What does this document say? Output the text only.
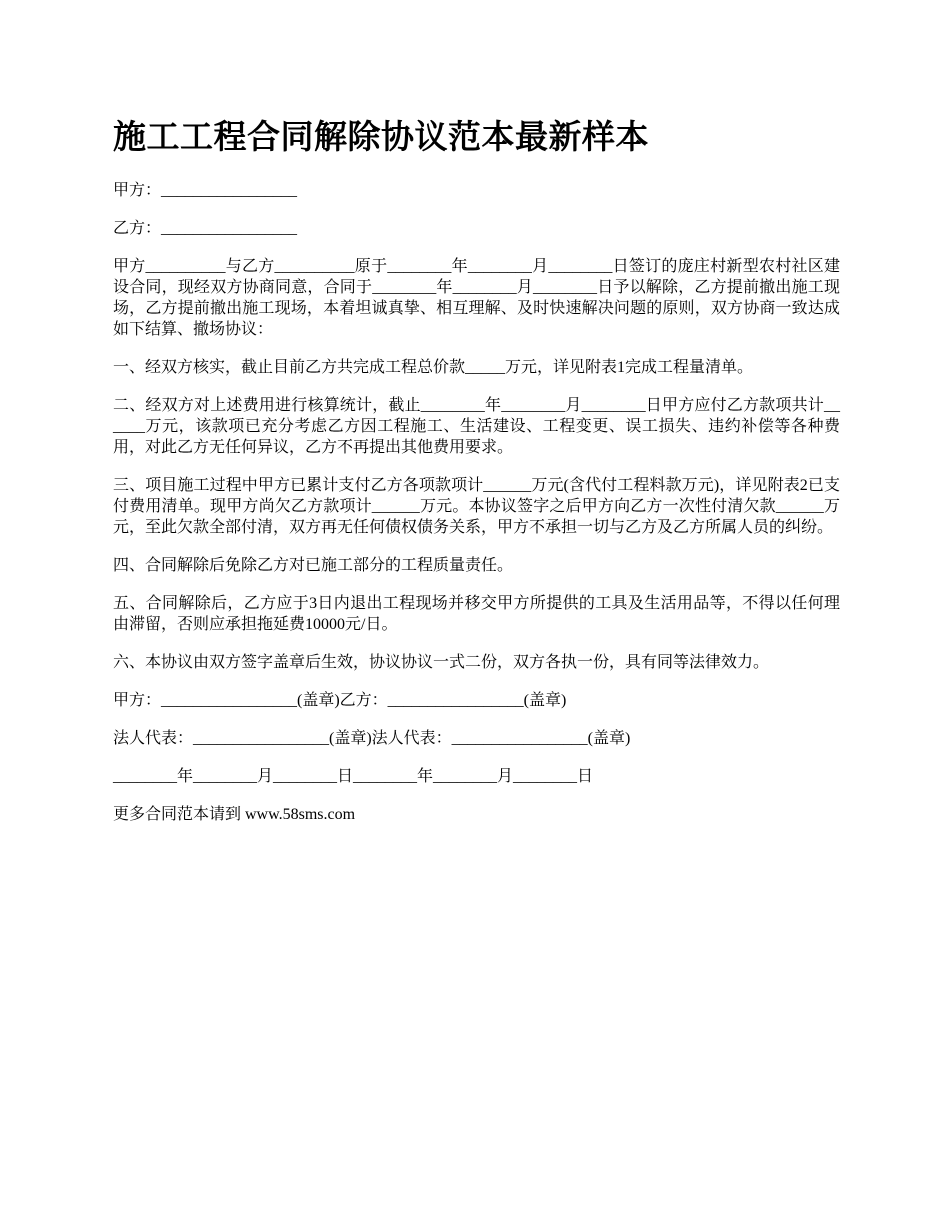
施工工程合同解除协议范本最新样本

甲方：_________________

乙方：_________________

甲方__________与乙方__________原于________年________月________日签订的庞庄村新型农村社区建设合同，现经双方协商同意，合同于________年________月________日予以解除，乙方提前撤出施工现场，乙方提前撤出施工现场，本着坦诚真挚、相互理解、及时快速解决问题的原则，双方协商一致达成如下结算、撤场协议：

一、经双方核实，截止目前乙方共完成工程总价款_____万元，详见附表1完成工程量清单。

二、经双方对上述费用进行核算统计，截止________年________月________日甲方应付乙方款项共计______万元，该款项已充分考虑乙方因工程施工、生活建设、工程变更、误工损失、违约补偿等各种费用，对此乙方无任何异议，乙方不再提出其他费用要求。

三、项目施工过程中甲方已累计支付乙方各项款项计______万元(含代付工程料款万元)，详见附表2已支付费用清单。现甲方尚欠乙方款项计______万元。本协议签字之后甲方向乙方一次性付清欠款______万元，至此欠款全部付清，双方再无任何债权债务关系，甲方不承担一切与乙方及乙方所属人员的纠纷。

四、合同解除后免除乙方对已施工部分的工程质量责任。

五、合同解除后，乙方应于3日内退出工程现场并移交甲方所提供的工具及生活用品等，不得以任何理由滞留，否则应承担拖延费10000元/日。

六、本协议由双方签字盖章后生效，协议协议一式二份，双方各执一份，具有同等法律效力。

甲方：_________________(盖章)乙方：_________________(盖章)

法人代表：_________________(盖章)法人代表：_________________(盖章)

________年________月________日________年________月________日

更多合同范本请到 www.58sms.com
